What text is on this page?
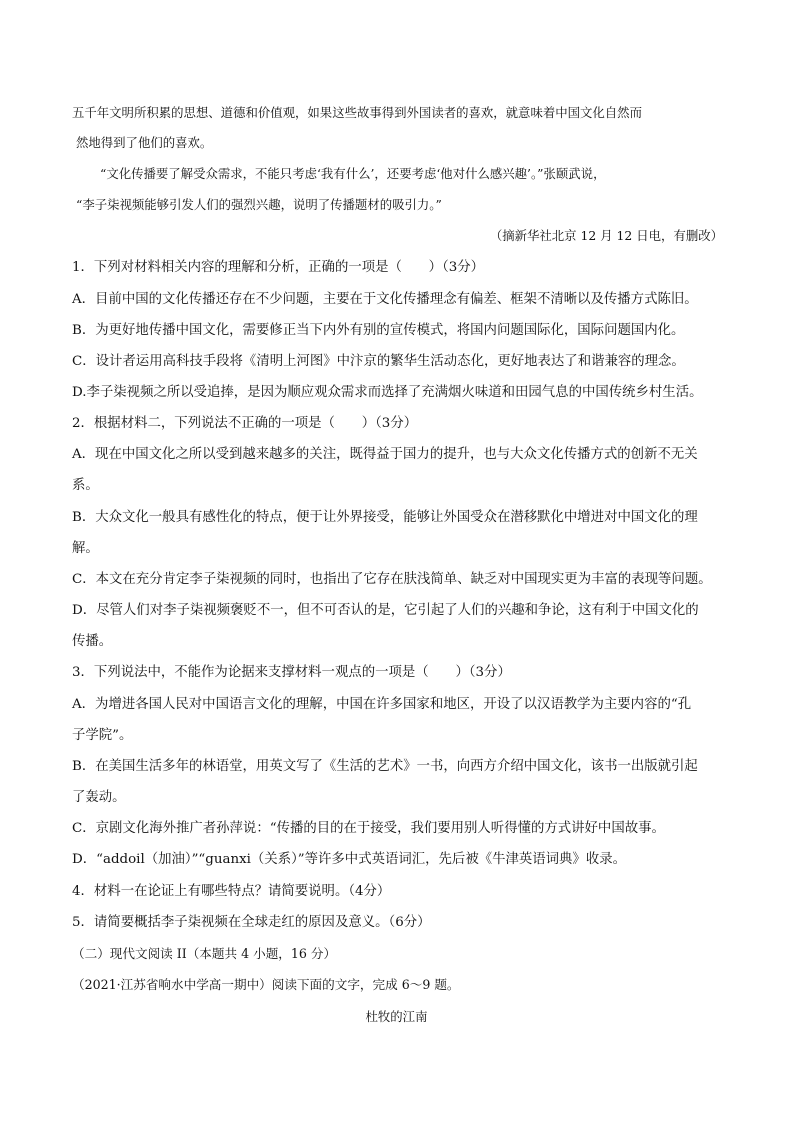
五千年文明所积累的思想、道德和价值观，如果这些故事得到外国读者的喜欢，就意味着中国文化自然而
然地得到了他们的喜欢。
“文化传播要了解受众需求，不能只考虑‘我有什么’，还要考虑‘他对什么感兴趣’。”张颐武说，
“李子柒视频能够引发人们的强烈兴趣，说明了传播题材的吸引力。”
（摘新华社北京 12 月 12 日电，有删改）
1．下列对材料相关内容的理解和分析，正确的一项是（　　）（3分）
A．目前中国的文化传播还存在不少问题，主要在于文化传播理念有偏差、框架不清晰以及传播方式陈旧。
B．为更好地传播中国文化，需要修正当下内外有别的宣传模式，将国内问题国际化，国际问题国内化。
C．设计者运用高科技手段将《清明上河图》中汴京的繁华生活动态化，更好地表达了和谐兼容的理念。
D.李子柒视频之所以受追捧，是因为顺应观众需求而选择了充满烟火味道和田园气息的中国传统乡村生活。
2．根据材料二，下列说法不正确的一项是（　　）（3分）
A．现在中国文化之所以受到越来越多的关注，既得益于国力的提升，也与大众文化传播方式的创新不无关
系。
B．大众文化一般具有感性化的特点，便于让外界接受，能够让外国受众在潜移默化中增进对中国文化的理
解。
C．本文在充分肯定李子柒视频的同时，也指出了它存在肤浅简单、缺乏对中国现实更为丰富的表现等问题。
D．尽管人们对李子柒视频褒贬不一，但不可否认的是，它引起了人们的兴趣和争论，这有利于中国文化的
传播。
3．下列说法中，不能作为论据来支撑材料一观点的一项是（　　）（3分）
A．为增进各国人民对中国语言文化的理解，中国在许多国家和地区，开设了以汉语教学为主要内容的“孔
子学院”。
B．在美国生活多年的林语堂，用英文写了《生活的艺术》一书，向西方介绍中国文化，该书一出版就引起
了轰动。
C．京剧文化海外推广者孙萍说：“传播的目的在于接受，我们要用别人听得懂的方式讲好中国故事。
D．“addoil（加油）”“guanxi（关系）”等许多中式英语词汇，先后被《牛津英语词典》收录。
4．材料一在论证上有哪些特点？请简要说明。（4分）
5．请简要概括李子柒视频在全球走红的原因及意义。（6分）
（二）现代文阅读 II（本题共 4 小题，16 分）
（2021·江苏省响水中学高一期中）阅读下面的文字，完成 6～9 题。
杜牧的江南
